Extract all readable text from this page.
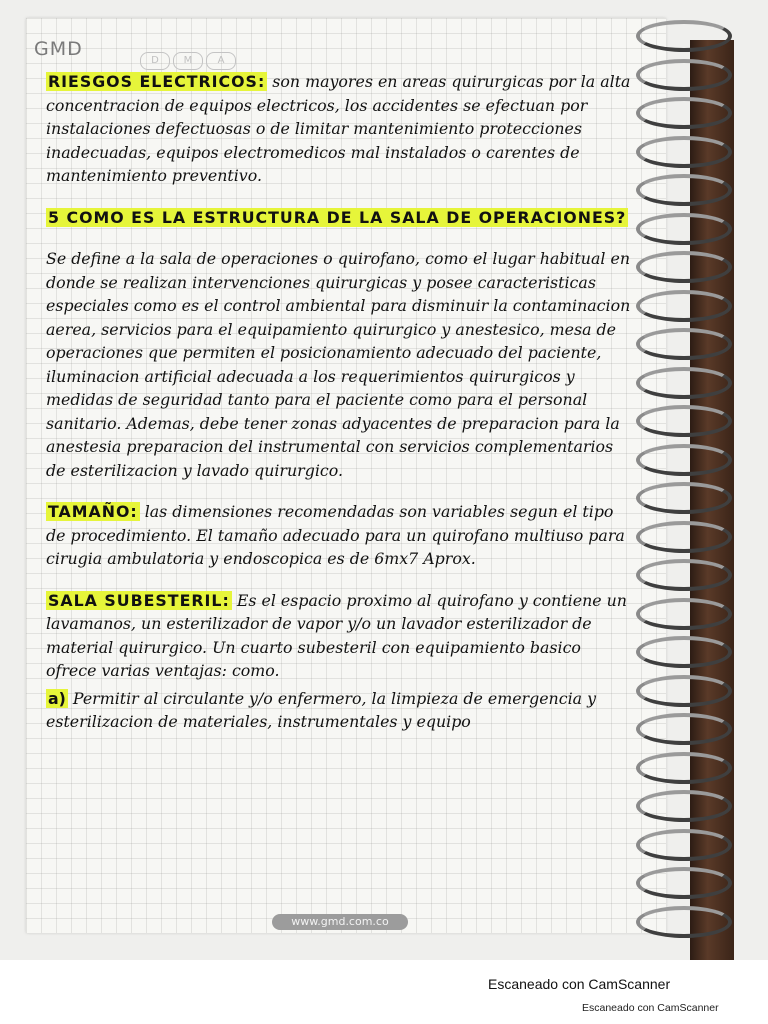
GMD
D	M	A

RIESGOS ELECTRICOS: son mayores en areas quirurgicas por la alta concentracion de equipos electricos, los accidentes se efectuan por instalaciones defectuosas o de limitar mantenimiento protecciones inadecuadas, equipos electromedicos mal instalados o carentes de mantenimiento preventivo.

5 COMO ES LA ESTRUCTURA DE LA SALA DE OPERACIONES?

Se define a la sala de operaciones o quirofano, como el lugar habitual en donde se realizan intervenciones quirurgicas y posee caracteristicas especiales como es el control ambiental para disminuir la contaminacion aerea, servicios para el equipamiento quirurgico y anestesico, mesa de operaciones que permiten el posicionamiento adecuado del paciente, iluminacion artificial adecuada a los requerimientos quirurgicos y medidas de seguridad tanto para el paciente como para el personal sanitario. Ademas, debe tener zonas adyacentes de preparacion para la anestesia preparacion del instrumental con servicios complementarios de esterilizacion y lavado quirurgico.

TAMAÑO: las dimensiones recomendadas son variables segun el tipo de procedimiento. El tamaño adecuado para un quirofano multiuso para cirugia ambulatoria y endoscopica es de 6mx7 Aprox.

SALA SUBESTERIL: Es el espacio proximo al quirofano y contiene un lavamanos, un esterilizador de vapor y/o un lavador esterilizador de material quirurgico. Un cuarto subesteril con equipamiento basico ofrece varias ventajas: como.

a) Permitir al circulante y/o enfermero, la limpieza de emergencia y esterilizacion de materiales, instrumentales y equipo

www.gmd.com.co
Escaneado con CamScanner
Escaneado con CamScanner
